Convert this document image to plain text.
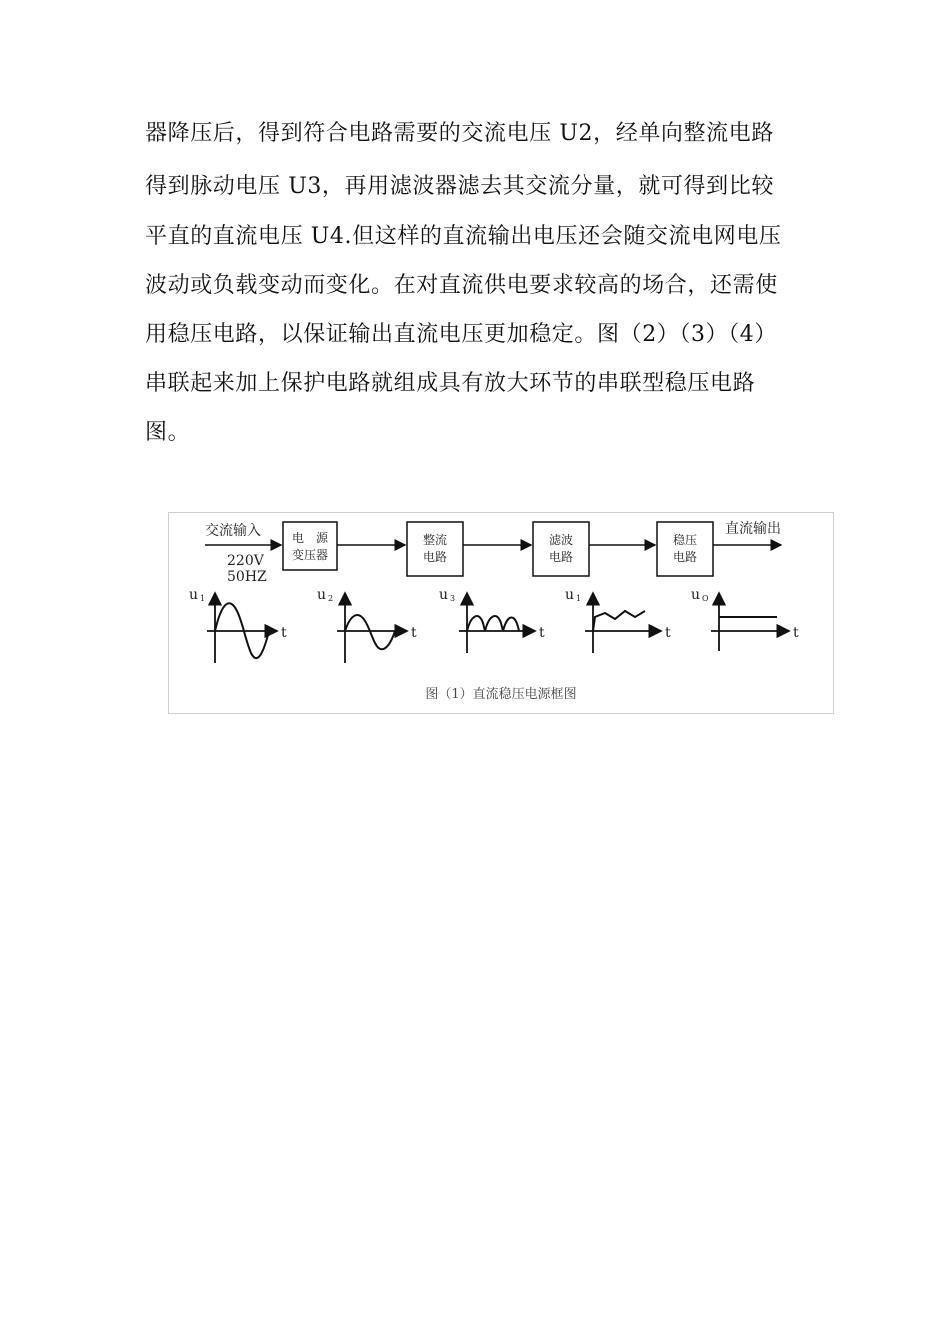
器降压后，得到符合电路需要的交流电压 U2，经单向整流电路
得到脉动电压 U3，再用滤波器滤去其交流分量，就可得到比较
平直的直流电压 U4.但这样的直流输出电压还会随交流电网电压
波动或负载变动而变化。在对直流供电要求较高的场合，还需使
用稳压电路，以保证输出直流电压更加稳定。图（2）（3）（4）
串联起来加上保护电路就组成具有放大环节的串联型稳压电路
图。
交流输入
220V
50HZ
直流输出
电　源
变压器
整流
电路
滤波
电路
稳压
电路
u 1
t
u 2
t
u 3
t
u 1
t
u O
t
图（1）直流稳压电源框图
